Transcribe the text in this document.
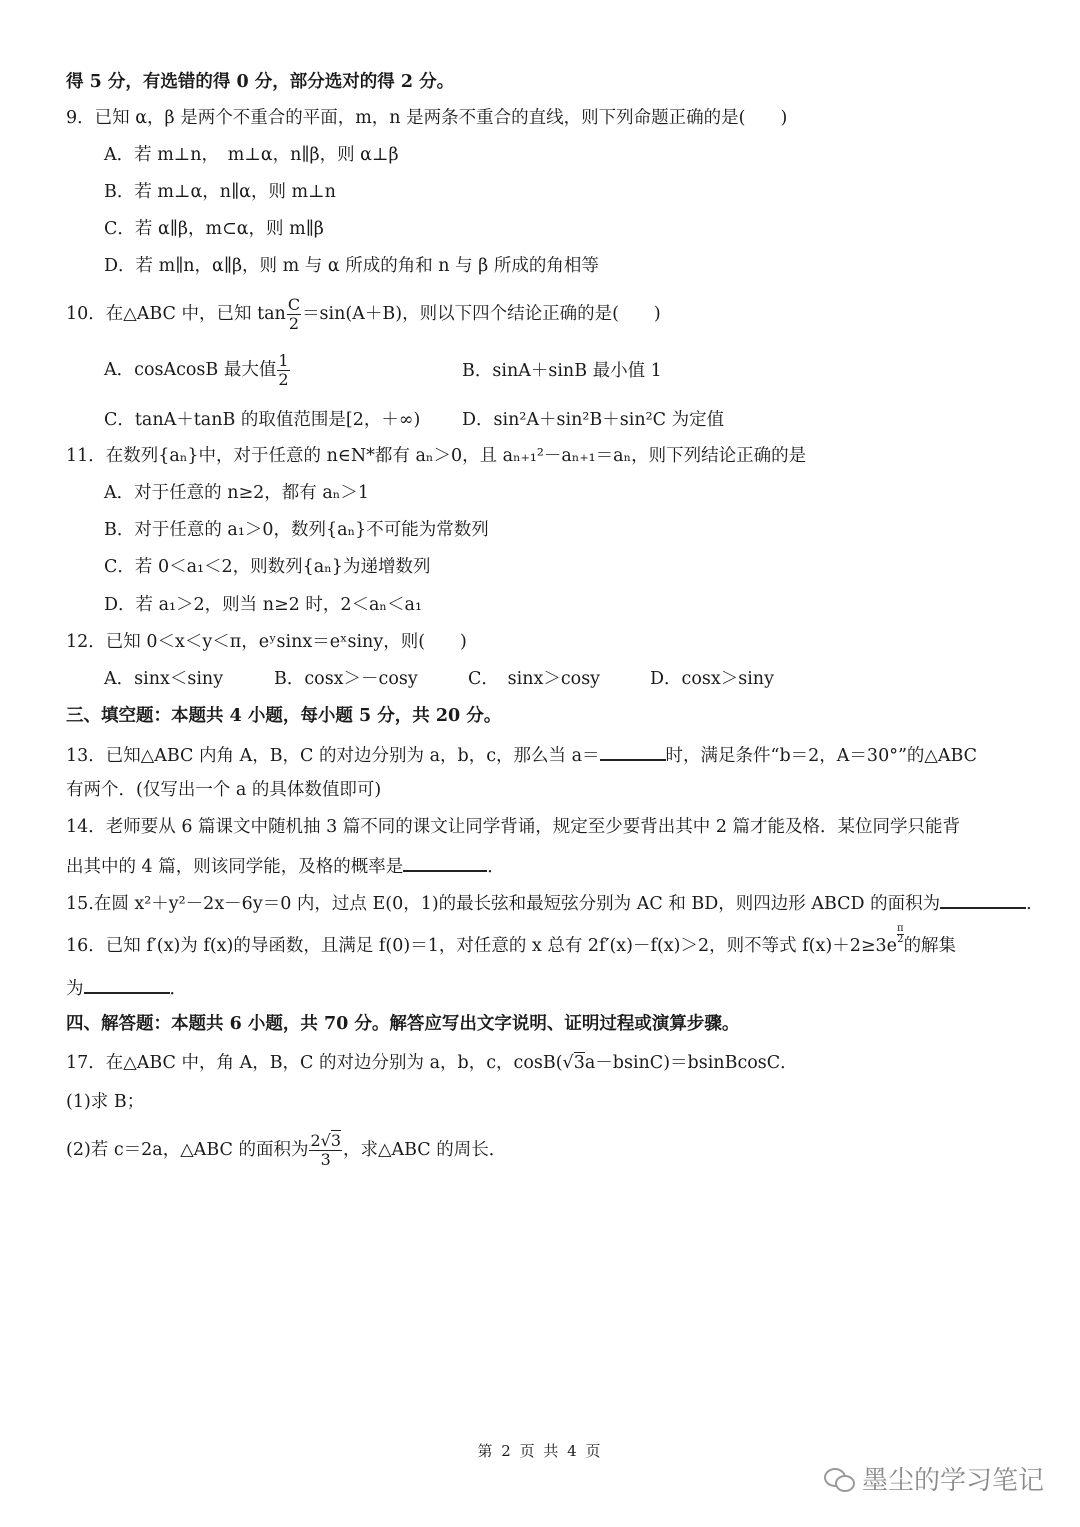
得 5 分，有选错的得 0 分，部分选对的得 2 分。
9．已知 α，β 是两个不重合的平面，m，n 是两条不重合的直线，则下列命题正确的是(　　)
A．若 m⊥n，　m⊥α，n∥β，则 α⊥β
B．若 m⊥α，n∥α，则 m⊥n
C．若 α∥β，m⊂α，则 m∥β
D．若 m∥n，α∥β，则 m 与 α 所成的角和 n 与 β 所成的角相等
10．在△ABC 中，已知 $\tan \frac{C}{2} =\sin(A+B)$，则以下四个结论正确的是(　　)
A．cosAcosB 最大值 $\frac{1}{2}$	B．sinA＋sinB 最小值 1
C．tanA＋tanB 的取值范围是[2，＋∞) D．sin²A＋sin²B＋sin²C 为定值
11．在数列{aₙ}中，对于任意的 n∈N*都有 aₙ＞0，且 aₙ₊₁²－aₙ₊₁＝aₙ，则下列结论正确的是
A．对于任意的 n≥2，都有 aₙ＞1
B．对于任意的 a₁＞0，数列{aₙ}不可能为常数列
C．若 0＜a₁＜2，则数列{aₙ}为递增数列
D．若 a₁＞2，则当 n≥2 时，2＜aₙ＜a₁
12．已知 0＜x＜y＜π，eʸsinx＝eˣsiny，则(　　)
A．sinx＜siny	B．cosx＞－cosy	C．　sinx＞cosy	D．cosx＞siny
三、填空题：本题共 4 小题，每小题 5 分，共 20 分。
13．已知△ABC 内角 A，B，C 的对边分别为 a，b，c，那么当 a＝	时，满足条件“b＝2，A＝30°”的△ABC
有两个．(仅写出一个 a 的具体数值即可)
14．老师要从 6 篇课文中随机抽 3 篇不同的课文让同学背诵，规定至少要背出其中 2 篇才能及格．某位同学只能背
出其中的 4 篇，则该同学能，及格的概率是	．
15.在圆 x²＋y²－2x－6y＝0 内，过点 E(0，1)的最长弦和最短弦分别为 AC 和 BD，则四边形 ABCD 的面积为	.
16．已知 f′(x)为 f(x)的导函数，且满足 f(0)＝1，对任意的 x 总有 2f′(x)－f(x)＞2，则不等式 f(x)＋2≥3e
$\frac{\pi}{2}$
的解集
为	．
四、解答题：本题共 6 小题，共 70 分。解答应写出文字说明、证明过程或演算步骤。
17．在△ABC 中，角 A，B，C 的对边分别为 a，b，c，cosB(√3a－bsinC)＝bsinBcosC．
(1)求 B；
(2)若 c＝2a，△ABC 的面积为 $\frac{2√3}{3}$ ，求△ABC 的周长．
第 2 页 共 4 页
墨尘的学习笔记
